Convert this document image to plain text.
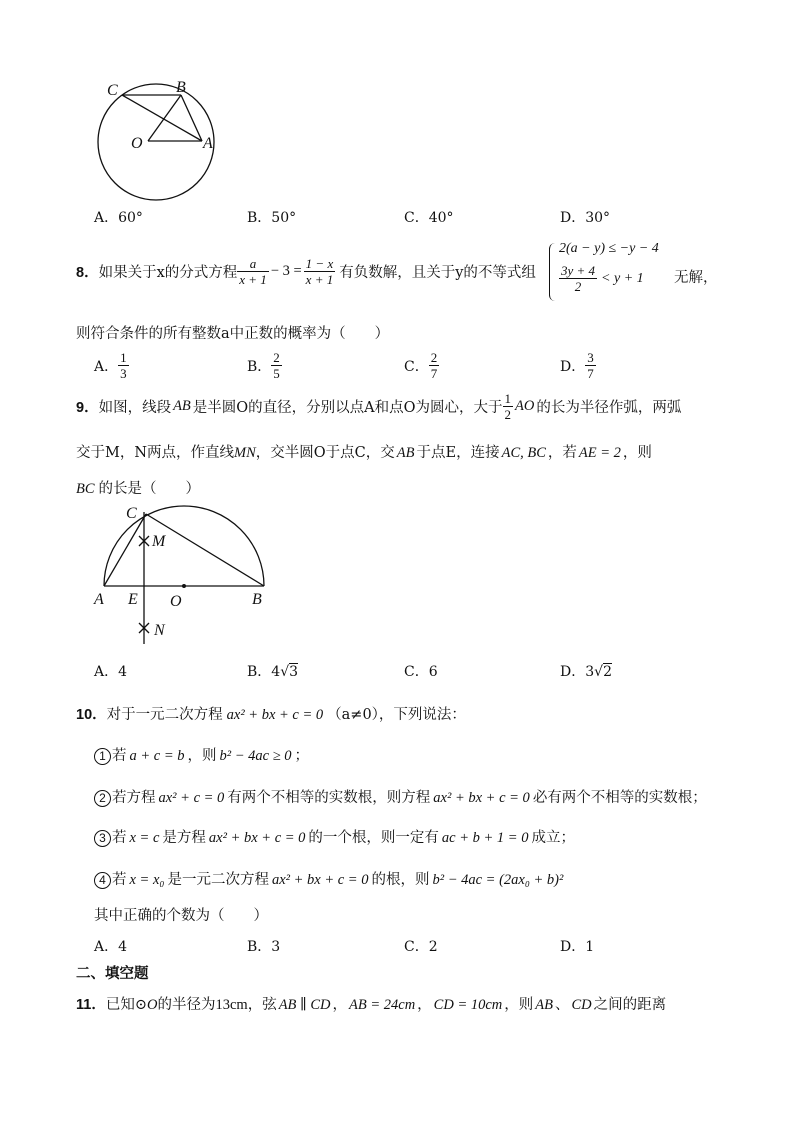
C	B
O	A
A．60°	B．50°	C．40°	D．30°
8． 如果关于x的分式方程 $\frac{a}{x + 1} - 3 = \frac{1 - x}{x + 1}$ 有负数解，且关于y的不等式组
2(a − y) ≤ −y − 4
$\frac{3y + 4}{2} < y + 1$ 无解，
则符合条件的所有整数a中正数的概率为（　　）
A． $\frac{1}{3}$	B． $\frac{2}{5}$	C． $\frac{2}{7}$	D． $\frac{3}{7}$
9． 如图，线段 AB 是半圆O的直径，分别以点A和点O为圆心，大于 $\frac{1}{2}$ AO 的长为半径作弧，两弧
交于M，N两点，作直线MN，交半圆O于点C，交 AB 于点E，连接 AC, BC ，若 AE = 2 ，则
BC 的长是（　　）
C
M
A E O	B
N
A．4	B．4√3	C．6	D．3√2
10．对于一元二次方程 ax² + bx + c = 0 （a≠0），下列说法：
1 若 a + c = b ，则 b² − 4ac ≥ 0 ；
2 若方程 ax² + c = 0 有两个不相等的实数根，则方程 ax² + bx + c = 0 必有两个不相等的实数根；
3 若 x = c 是方程 ax² + bx + c = 0 的一个根，则一定有 ac + b + 1 = 0 成立；
4 若 x = x₀ 是一元二次方程 ax² + bx + c = 0 的根，则 b² − 4ac = (2ax₀ + b)²
其中正确的个数为（　　）
A．4	B．3	C．2	D．1
二、填空题
11．已知⊙O的半径为13cm，弦 AB ∥ CD ， AB = 24cm ， CD = 10cm ，则 AB 、 CD 之间的距离
